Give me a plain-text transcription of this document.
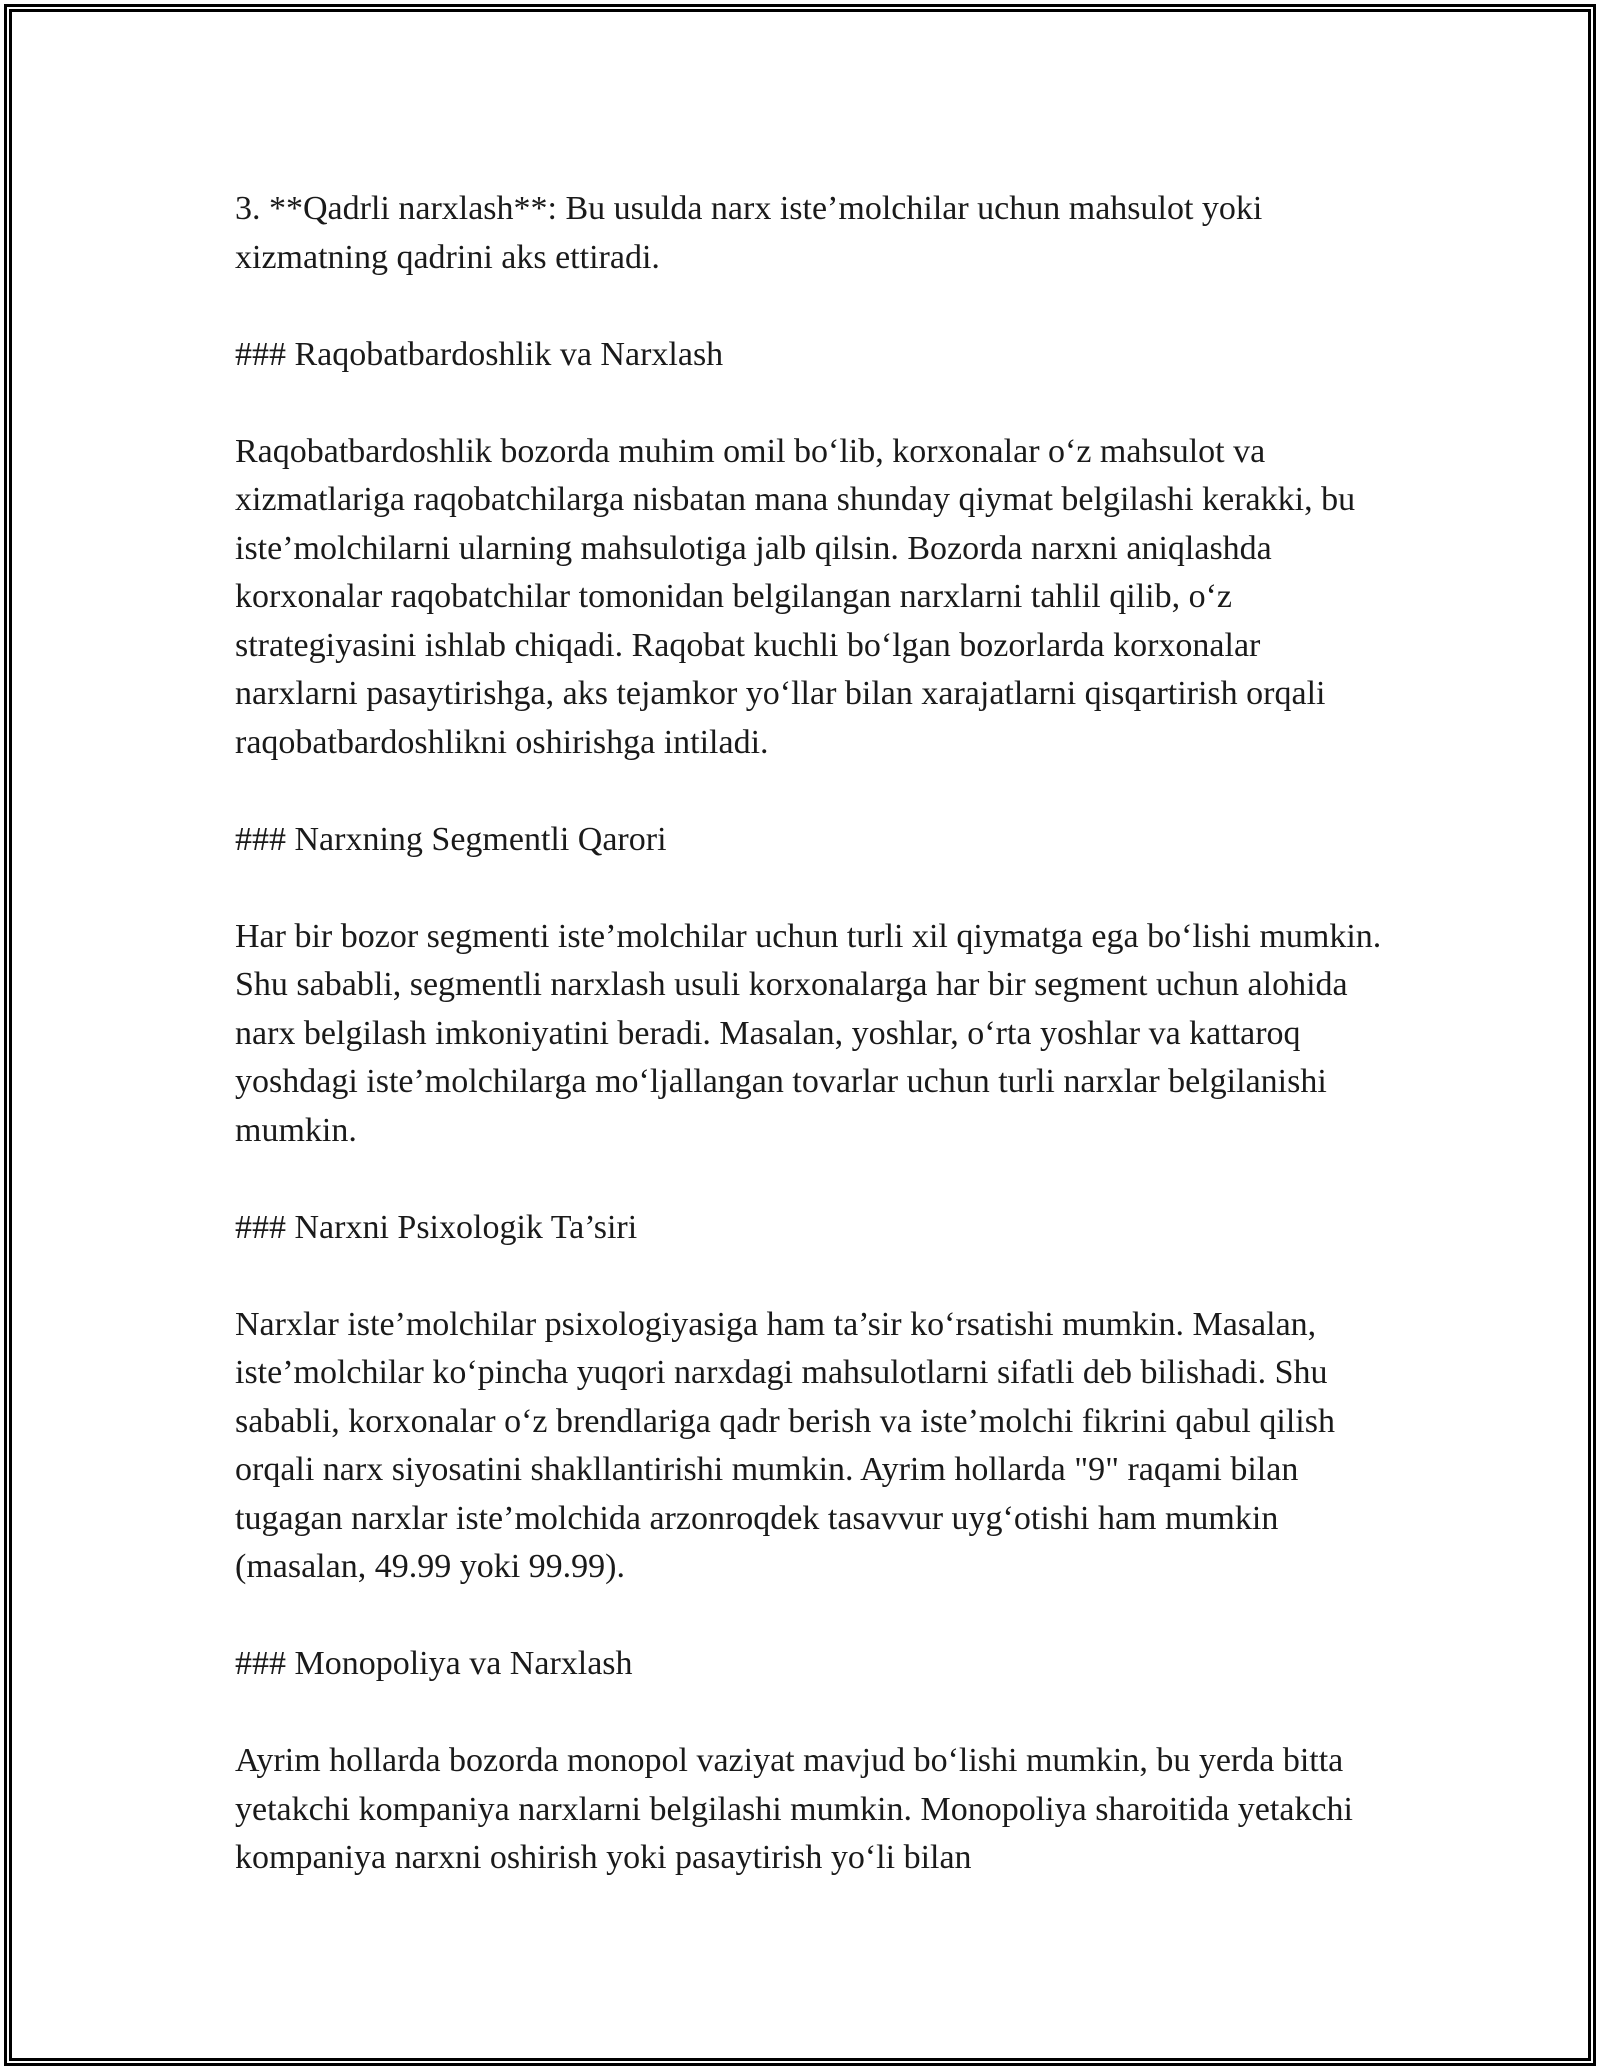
3. **Qadrli narxlash**: Bu usulda narx iste’molchilar uchun mahsulot yoki xizmatning qadrini aks ettiradi.

### Raqobatbardoshlik va Narxlash

Raqobatbardoshlik bozorda muhim omil bo‘lib, korxonalar o‘z mahsulot va xizmatlariga raqobatchilarga nisbatan mana shunday qiymat belgilashi kerakki, bu iste’molchilarni ularning mahsulotiga jalb qilsin. Bozorda narxni aniqlashda korxonalar raqobatchilar tomonidan belgilangan narxlarni tahlil qilib, o‘z strategiyasini ishlab chiqadi. Raqobat kuchli bo‘lgan bozorlarda korxonalar narxlarni pasaytirishga, aks tejamkor yo‘llar bilan xarajatlarni qisqartirish orqali raqobatbardoshlikni oshirishga intiladi.

### Narxning Segmentli Qarori

Har bir bozor segmenti iste’molchilar uchun turli xil qiymatga ega bo‘lishi mumkin. Shu sababli, segmentli narxlash usuli korxonalarga har bir segment uchun alohida narx belgilash imkoniyatini beradi. Masalan, yoshlar, o‘rta yoshlar va kattaroq yoshdagi iste’molchilarga mo‘ljallangan tovarlar uchun turli narxlar belgilanishi mumkin.

### Narxni Psixologik Ta’siri

Narxlar iste’molchilar psixologiyasiga ham ta’sir ko‘rsatishi mumkin. Masalan, iste’molchilar ko‘pincha yuqori narxdagi mahsulotlarni sifatli deb bilishadi. Shu sababli, korxonalar o‘z brendlariga qadr berish va iste’molchi fikrini qabul qilish orqali narx siyosatini shakllantirishi mumkin. Ayrim hollarda "9" raqami bilan tugagan narxlar iste’molchida arzonroqdek tasavvur uyg‘otishi ham mumkin (masalan, 49.99 yoki 99.99).

### Monopoliya va Narxlash

Ayrim hollarda bozorda monopol vaziyat mavjud bo‘lishi mumkin, bu yerda bitta yetakchi kompaniya narxlarni belgilashi mumkin. Monopoliya sharoitida yetakchi kompaniya narxni oshirish yoki pasaytirish yo‘li bilan
